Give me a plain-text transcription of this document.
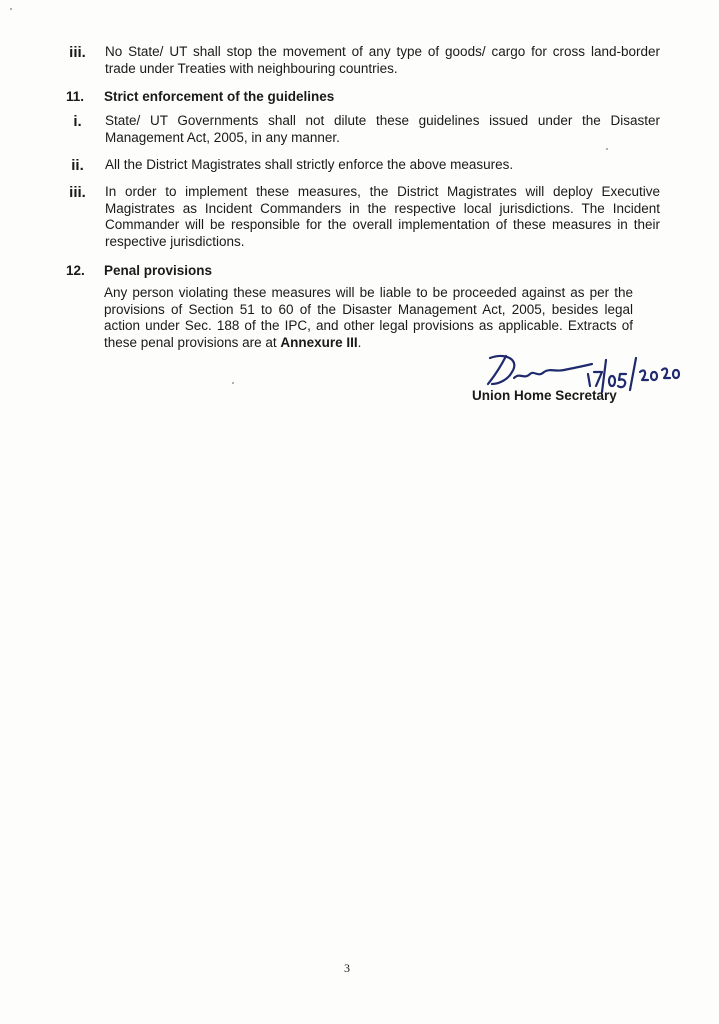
iii.	No State/ UT shall stop the movement of any type of goods/ cargo for cross land-border trade under Treaties with neighbouring countries.
11.	Strict enforcement of the guidelines
i.	State/ UT Governments shall not dilute these guidelines issued under the Disaster Management Act, 2005, in any manner.
ii.	All the District Magistrates shall strictly enforce the above measures.
iii.	In order to implement these measures, the District Magistrates will deploy Executive Magistrates as Incident Commanders in the respective local jurisdictions. The Incident Commander will be responsible for the overall implementation of these measures in their respective jurisdictions.
12.	Penal provisions
Any person violating these measures will be liable to be proceeded against as per the provisions of Section 51 to 60 of the Disaster Management Act, 2005, besides legal action under Sec. 188 of the IPC, and other legal provisions as applicable. Extracts of these penal provisions are at Annexure III.
Union Home Secretary
3
